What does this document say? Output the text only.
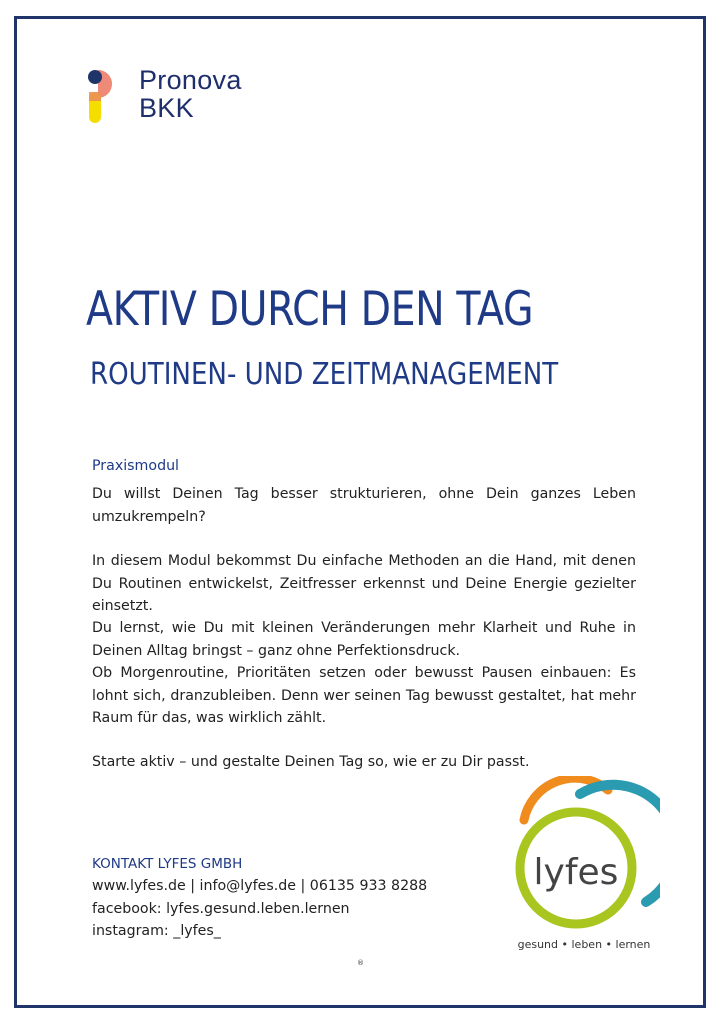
Pronova
BKK
AKTIV DURCH DEN TAG
ROUTINEN- UND ZEITMANAGEMENT
Praxismodul

Du willst Deinen Tag besser strukturieren, ohne Dein ganzes Leben umzukrempeln?

In diesem Modul bekommst Du einfache Methoden an die Hand, mit denen Du Routinen entwickelst, Zeitfresser erkennst und Deine Energie gezielter einsetzt.

Du lernst, wie Du mit kleinen Veränderungen mehr Klarheit und Ruhe in Deinen Alltag bringst – ganz ohne Perfektionsdruck.

Ob Morgenroutine, Prioritäten setzen oder bewusst Pausen einbauen: Es lohnt sich, dranzubleiben. Denn wer seinen Tag bewusst gestaltet, hat mehr Raum für das, was wirklich zählt.

Starte aktiv – und gestalte Deinen Tag so, wie er zu Dir passt.

KONTAKT LYFES GMBH
www.lyfes.de | info@lyfes.de | 06135 933 8288
facebook: lyfes.gesund.leben.lernen
instagram: _lyfes_
lyfes
gesund • leben • lernen
®
